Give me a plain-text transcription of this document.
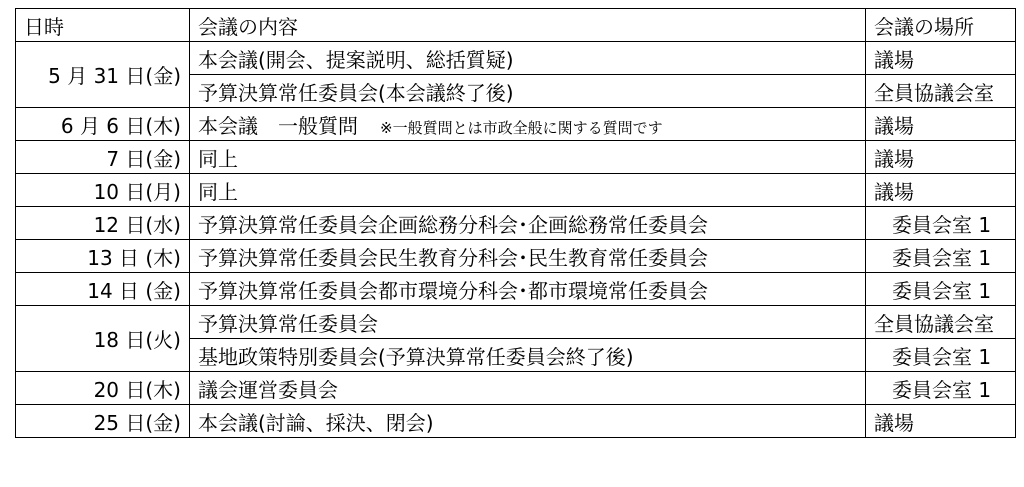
日時	会議の内容	会議の場所
5 月 31 日(金)	本会議(開会、提案説明、総括質疑)	議場
	予算決算常任委員会(本会議終了後)	全員協議会室
6 月 6 日(木)	本会議　一般質問 ※一般質問とは市政全般に関する質問です	議場
7 日(金)	同上	議場
10 日(月)	同上	議場
12 日(水)	予算決算常任委員会企画総務分科会･企画総務常任委員会	委員会室 1
13 日 (木)	予算決算常任委員会民生教育分科会･民生教育常任委員会	委員会室 1
14 日 (金)	予算決算常任委員会都市環境分科会･都市環境常任委員会	委員会室 1
18 日(火)	予算決算常任委員会	全員協議会室
	基地政策特別委員会(予算決算常任委員会終了後)	委員会室 1
20 日(木)	議会運営委員会	委員会室 1
25 日(金)	本会議(討論、採決、閉会)	議場
